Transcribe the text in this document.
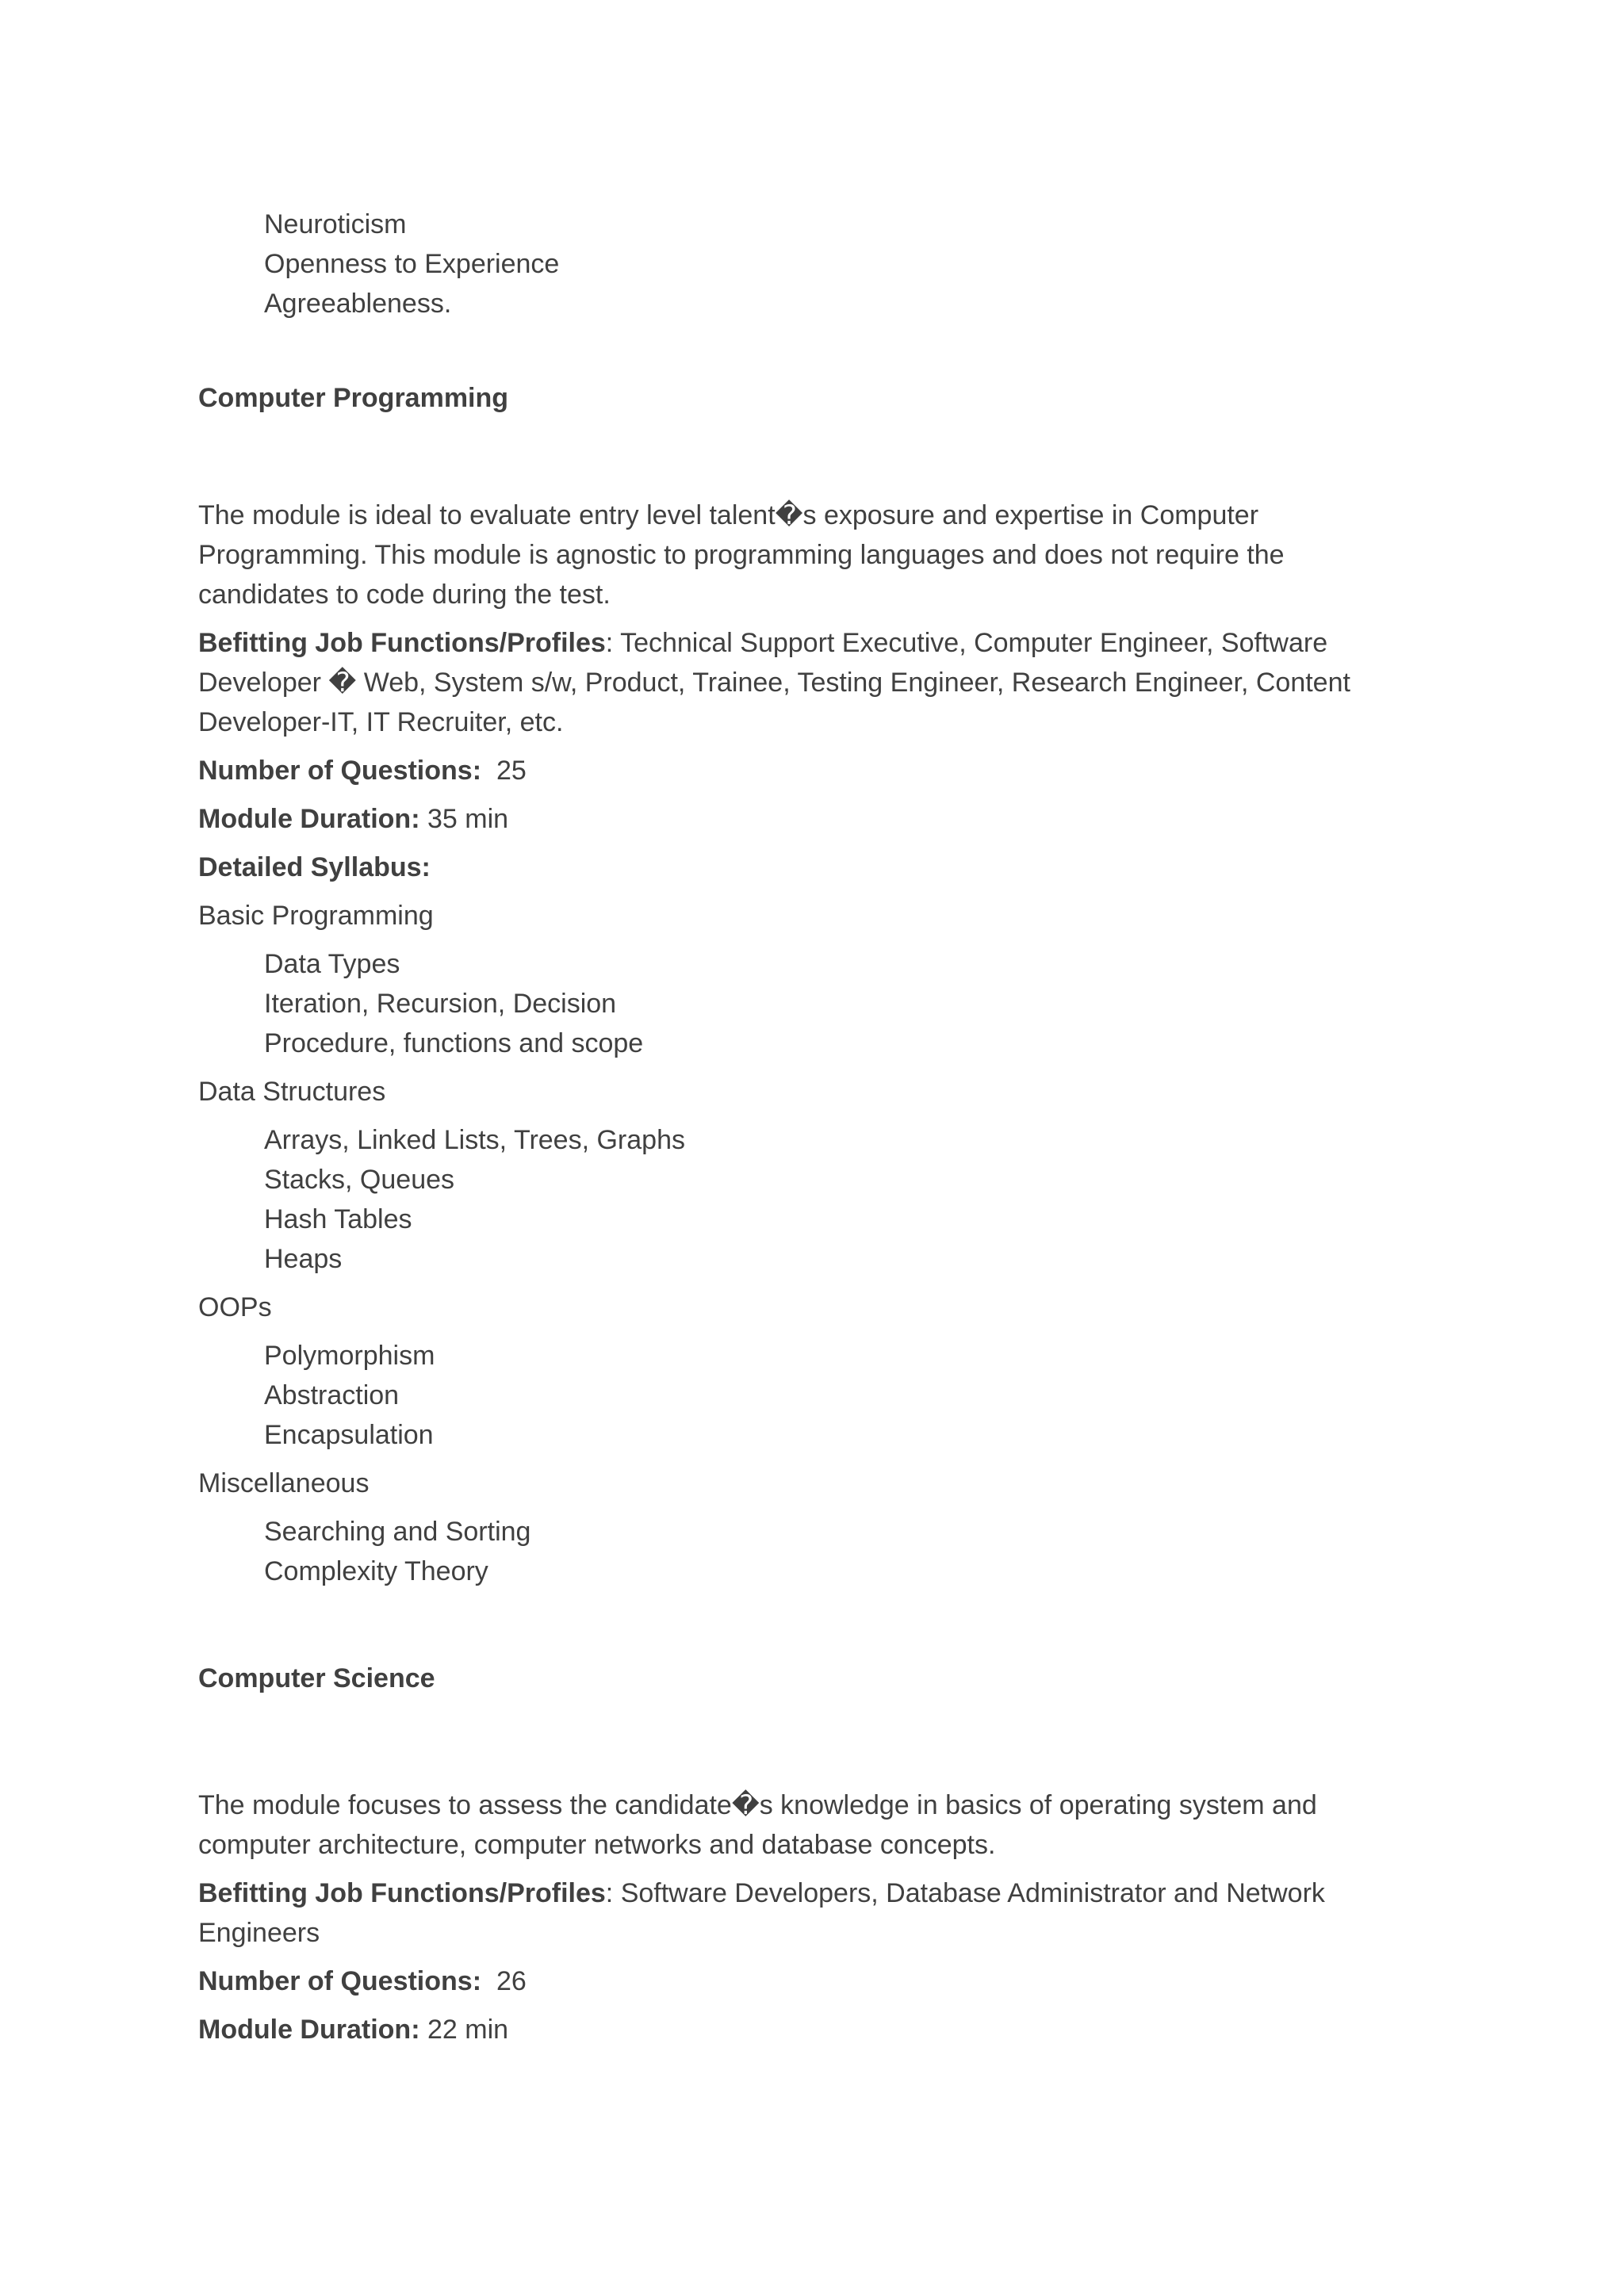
Neuroticism
Openness to Experience
Agreeableness.
Computer Programming

The module is ideal to evaluate entry level talent�s exposure and expertise in Computer Programming. This module is agnostic to programming languages and does not require the candidates to code during the test.

Befitting Job Functions/Profiles: Technical Support Executive, Computer Engineer, Software Developer � Web, System s/w, Product, Trainee, Testing Engineer, Research Engineer, Content Developer-IT, IT Recruiter, etc.

Number of Questions: 25

Module Duration: 35 min

Detailed Syllabus:

Basic Programming
Data Types
Iteration, Recursion, Decision
Procedure, functions and scope
Data Structures
Arrays, Linked Lists, Trees, Graphs
Stacks, Queues
Hash Tables
Heaps
OOPs
Polymorphism
Abstraction
Encapsulation
Miscellaneous
Searching and Sorting
Complexity Theory
Computer Science

The module focuses to assess the candidate�s knowledge in basics of operating system and computer architecture, computer networks and database concepts.

Befitting Job Functions/Profiles: Software Developers, Database Administrator and Network Engineers

Number of Questions: 26

Module Duration: 22 min
